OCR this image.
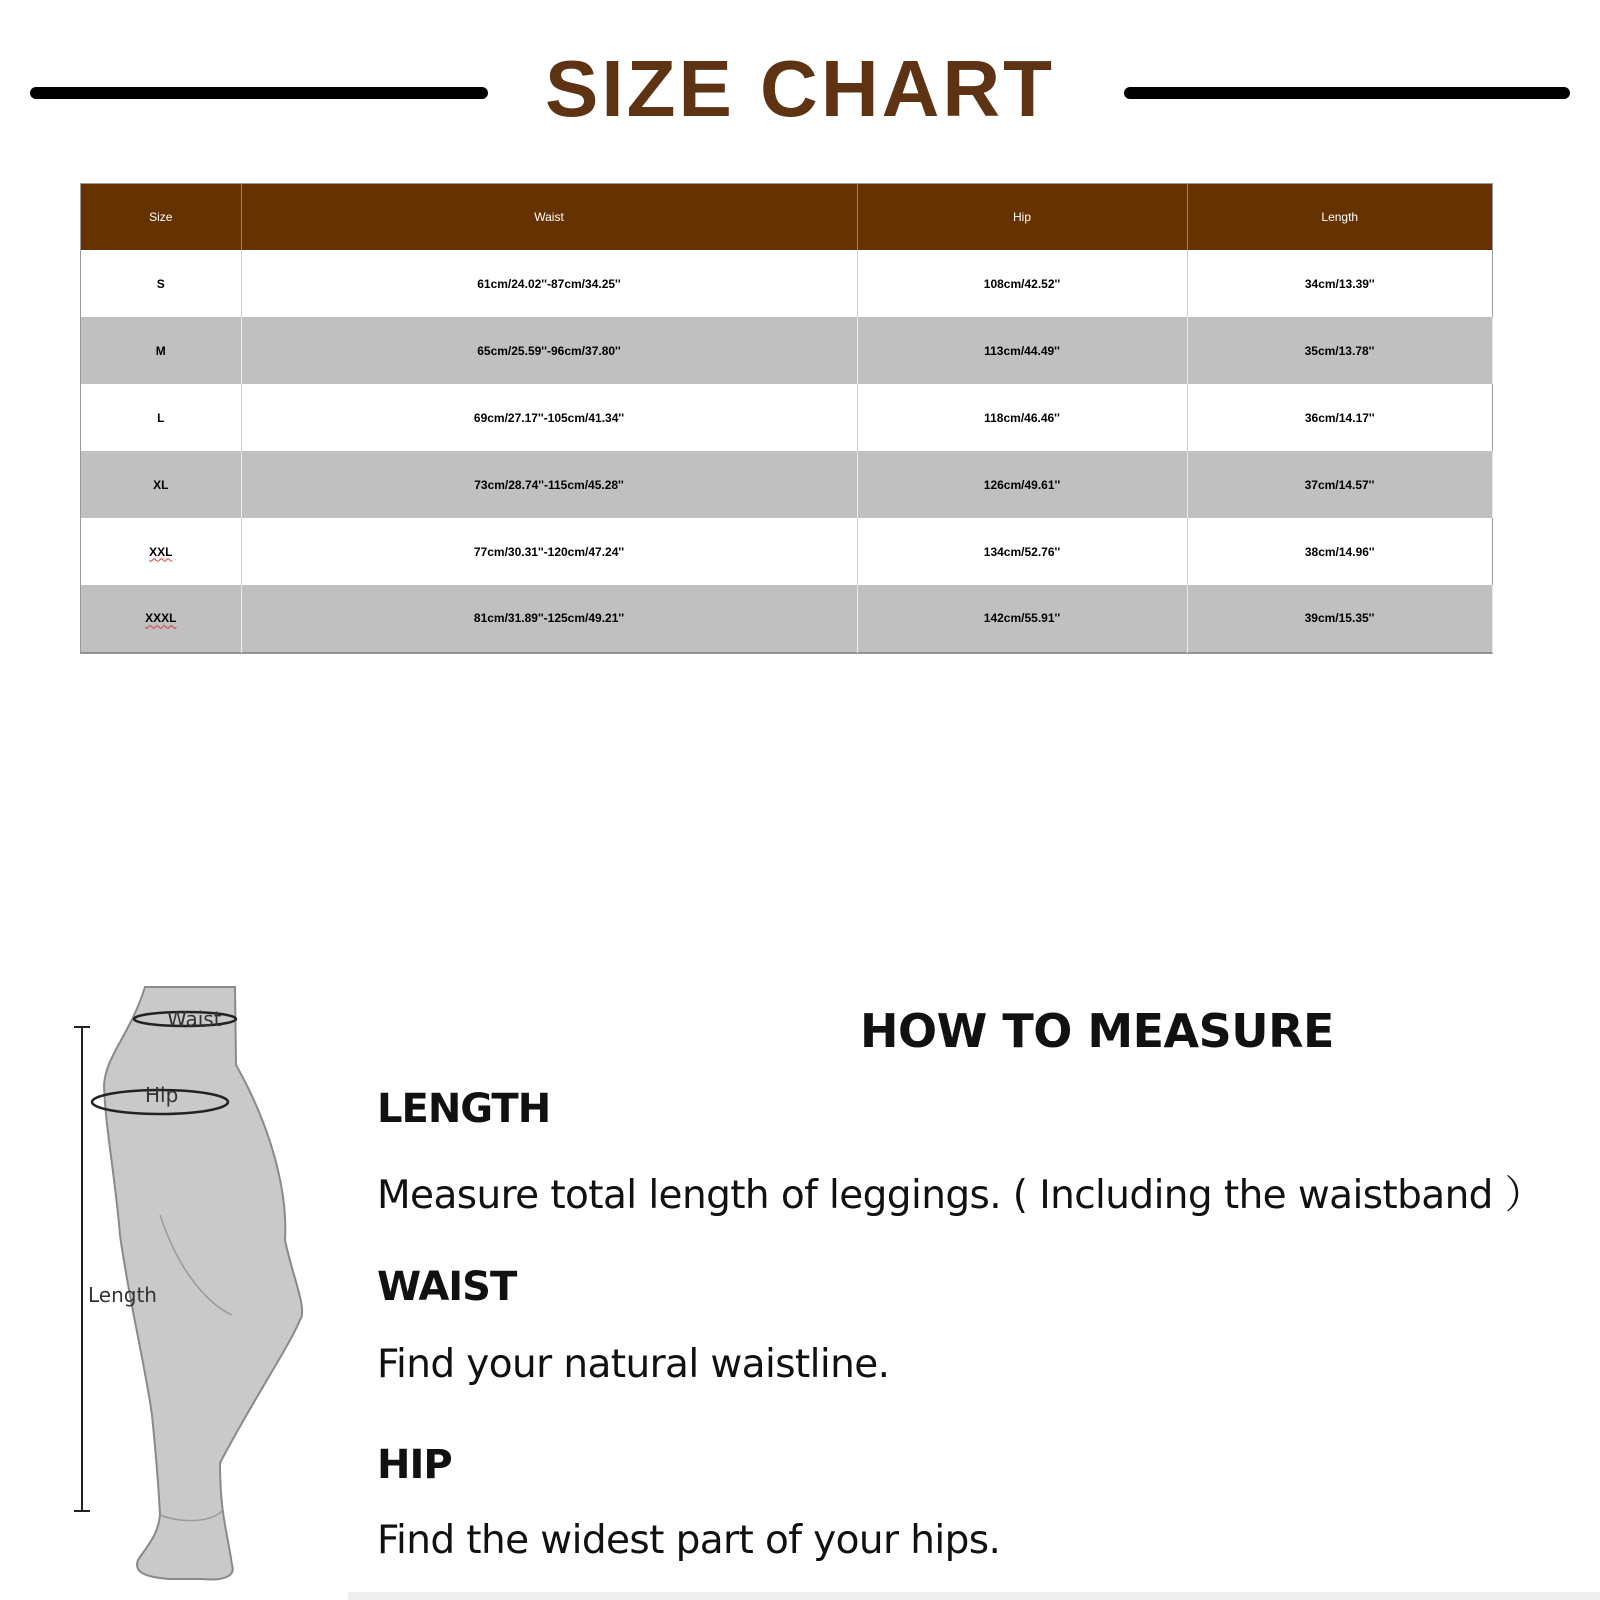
SIZE CHART
Size	Waist	Hip	Length
S	61cm/24.02''-87cm/34.25''	108cm/42.52''	34cm/13.39''
M	65cm/25.59''-96cm/37.80''	113cm/44.49''	35cm/13.78''
L	69cm/27.17''-105cm/41.34''	118cm/46.46''	36cm/14.17''
XL	73cm/28.74''-115cm/45.28''	126cm/49.61''	37cm/14.57''
XXL	77cm/30.31''-120cm/47.24''	134cm/52.76''	38cm/14.96''
XXXL	81cm/31.89''-125cm/49.21''	142cm/55.91''	39cm/15.35''
Waist
Hip
Length
HOW TO MEASURE
LENGTH
Measure total length of leggings. ( Including the waistband ）
WAIST
Find your natural waistline.
HIP
Find the widest part of your hips.
